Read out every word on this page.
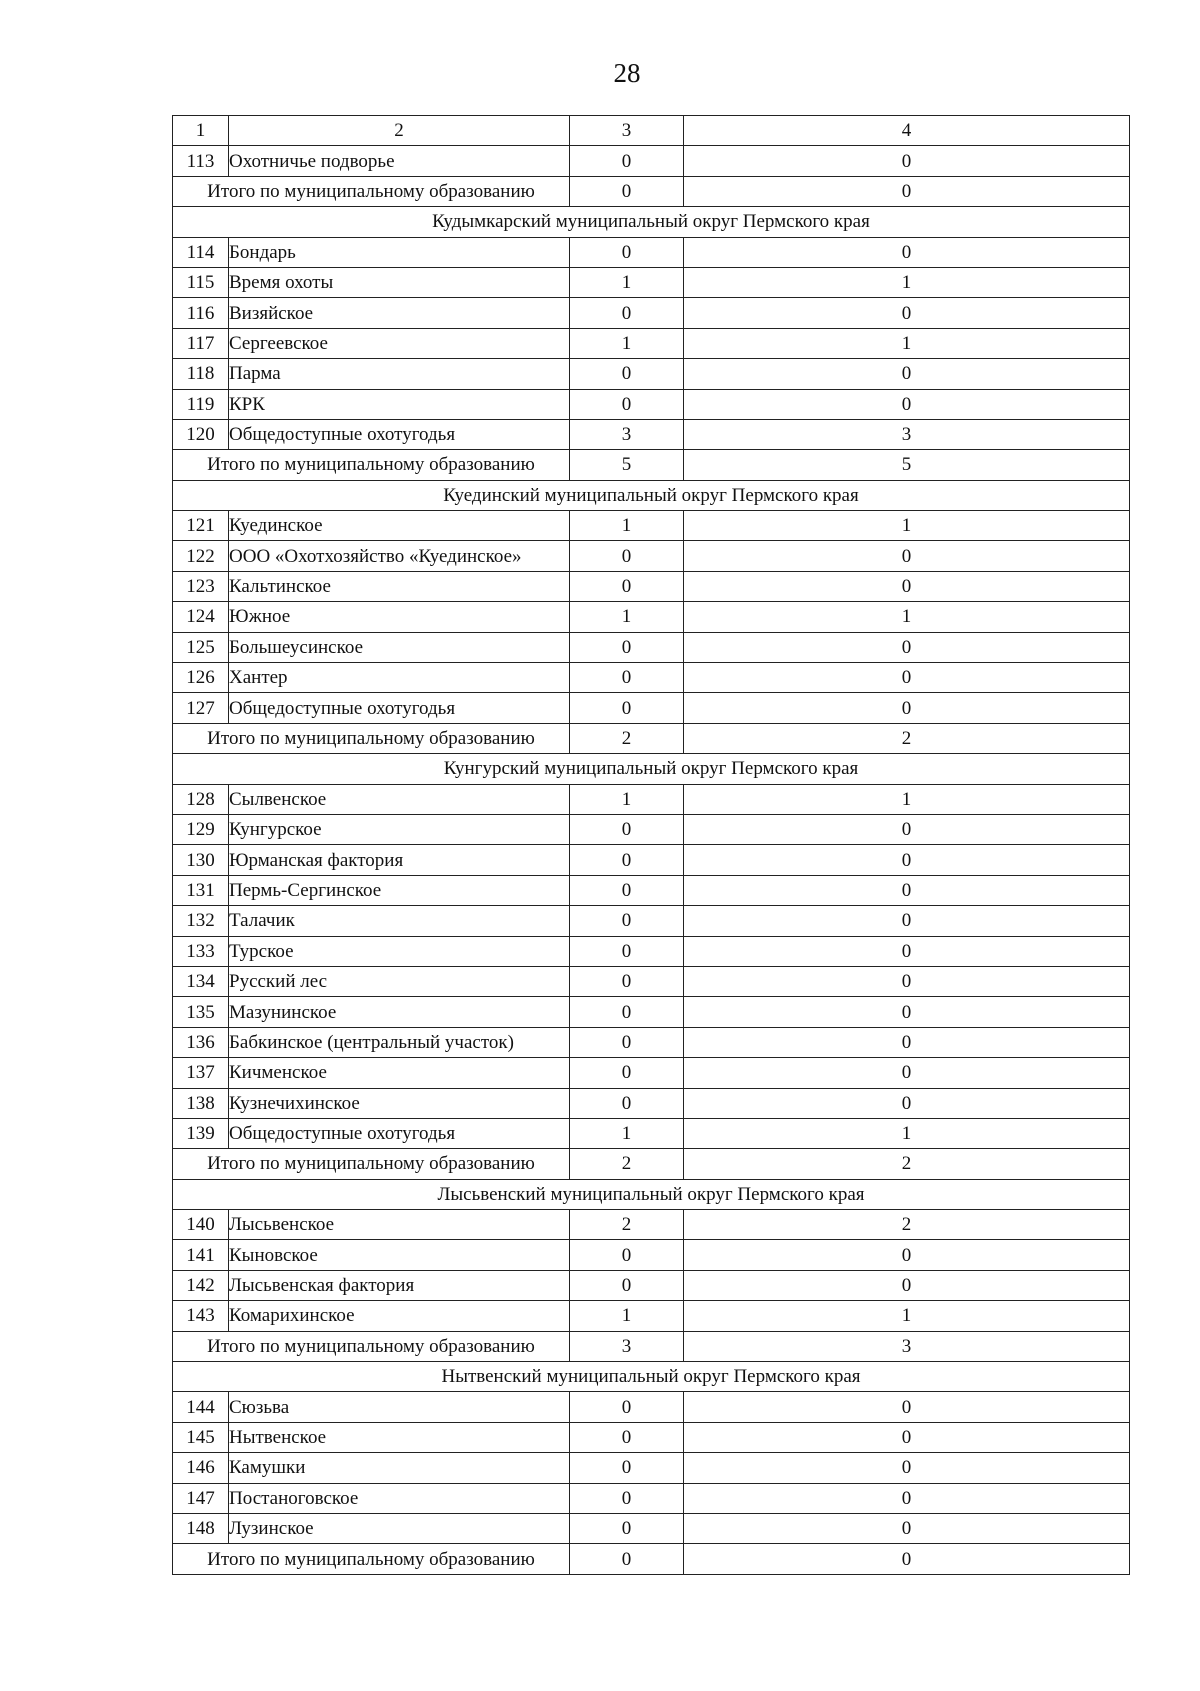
28
1	2	3	4
113	Охотничье подворье	0	0
Итого по муниципальному образованию		0	0
Кудымкарский муниципальный округ Пермского края			
114	Бондарь	0	0
115	Время охоты	1	1
116	Визяйское	0	0
117	Сергеевское	1	1
118	Парма	0	0
119	КРК	0	0
120	Общедоступные охотугодья	3	3
Итого по муниципальному образованию		5	5
Куединский муниципальный округ Пермского края			
121	Куединское	1	1
122	ООО «Охотхозяйство «Куединское»	0	0
123	Кальтинское	0	0
124	Южное	1	1
125	Большеусинское	0	0
126	Хантер	0	0
127	Общедоступные охотугодья	0	0
Итого по муниципальному образованию		2	2
Кунгурский муниципальный округ Пермского края			
128	Сылвенское	1	1
129	Кунгурское	0	0
130	Юрманская фактория	0	0
131	Пермь-Сергинское	0	0
132	Талачик	0	0
133	Турское	0	0
134	Русский лес	0	0
135	Мазунинское	0	0
136	Бабкинское (центральный участок)	0	0
137	Кичменское	0	0
138	Кузнечихинское	0	0
139	Общедоступные охотугодья	1	1
Итого по муниципальному образованию		2	2
Лысьвенский муниципальный округ Пермского края			
140	Лысьвенское	2	2
141	Кыновское	0	0
142	Лысьвенская фактория	0	0
143	Комарихинское	1	1
Итого по муниципальному образованию		3	3
Нытвенский муниципальный округ Пермского края			
144	Сюзьва	0	0
145	Нытвенское	0	0
146	Камушки	0	0
147	Постаноговское	0	0
148	Лузинское	0	0
Итого по муниципальному образованию		0	0
